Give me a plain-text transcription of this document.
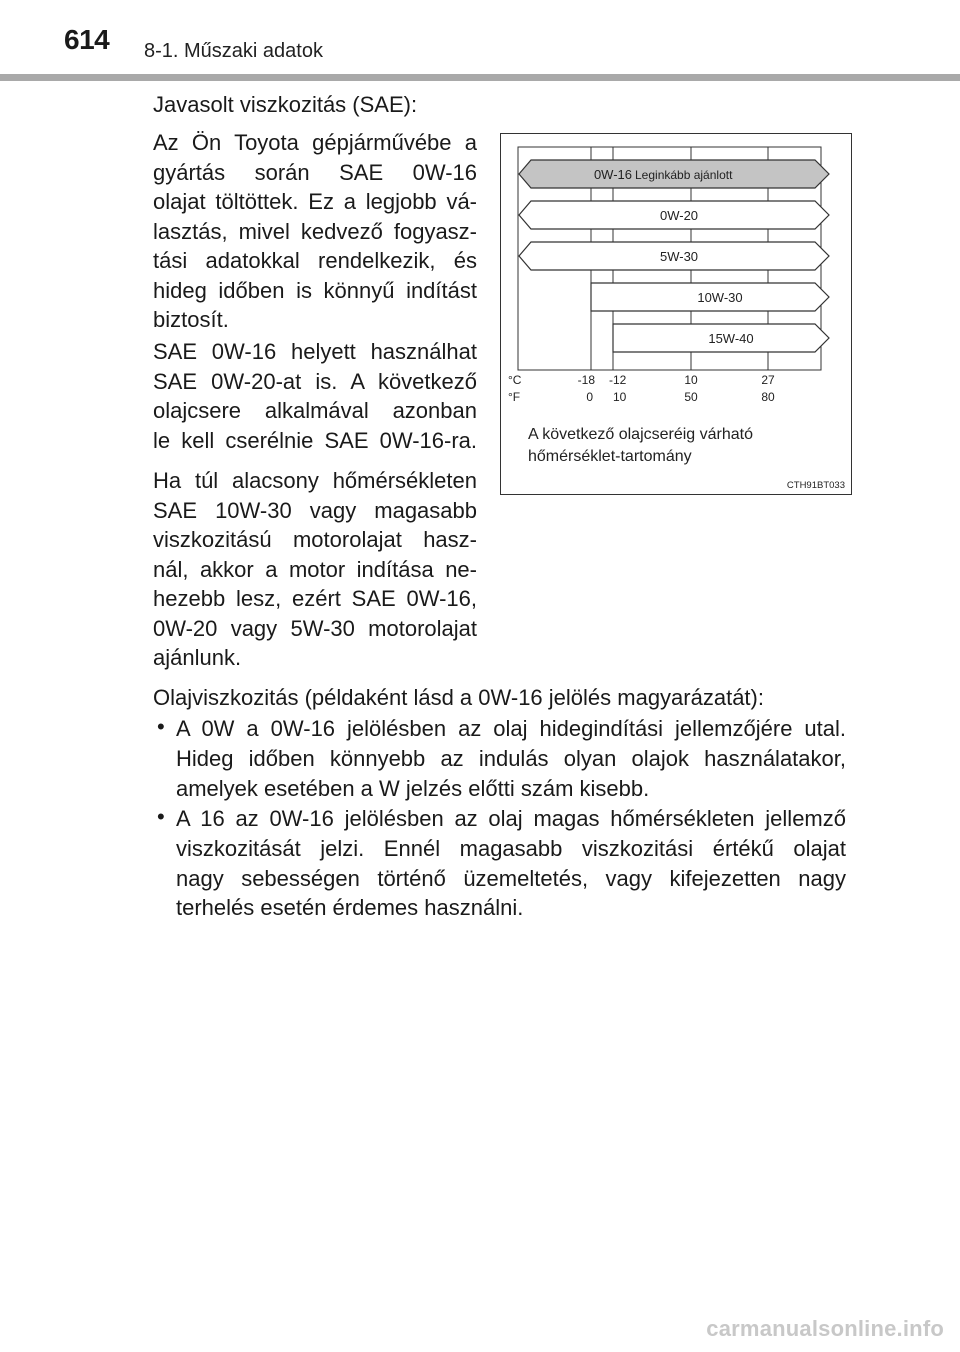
614 8-1. Műszaki adatok
Javasolt viszkozitás (SAE):
Az Ön Toyota gépjárművébe a
gyártás során SAE 0W-16
olajat töltöttek. Ez a legjobb vá-
lasztás, mivel kedvező fogyasz-
tási adatokkal rendelkezik, és
hideg időben is könnyű indítást
biztosít.
SAE 0W-16 helyett használhat
SAE 0W-20-at is. A következő
olajcsere alkalmával azonban
le kell cserélnie SAE 0W-16-ra.
Ha túl alacsony hőmérsékleten
SAE 10W-30 vagy magasabb
viszkozitású motorolajat hasz-
nál, akkor a motor indítása ne-
hezebb lesz, ezért SAE 0W-16,
0W-20 vagy 5W-30 motorolajat
ajánlunk.
Olajviszkozitás (példaként lásd a 0W-16 jelölés magyarázatát):
• A 0W a 0W-16 jelölésben az olaj hidegindítási jellemzőjére utal.
Hideg időben könnyebb az indulás olyan olajok használatakor,
amelyek esetében a W jelzés előtti szám kisebb.
• A 16 az 0W-16 jelölésben az olaj magas hőmérsékleten jellemző
viszkozitását jelzi. Ennél magasabb viszkozitási értékű olajat
nagy sebességen történő üzemeltetés, vagy kifejezetten nagy
terhelés esetén érdemes használni.
0W-16 Leginkább ajánlott
0W-20
5W-30
10W-30
15W-40
°C
°F
-18
0
-12
10
10
50
27
80
A következő olajcseréig várható
hőmérséklet-tartomány
CTH91BT033
carmanualsonline.info
